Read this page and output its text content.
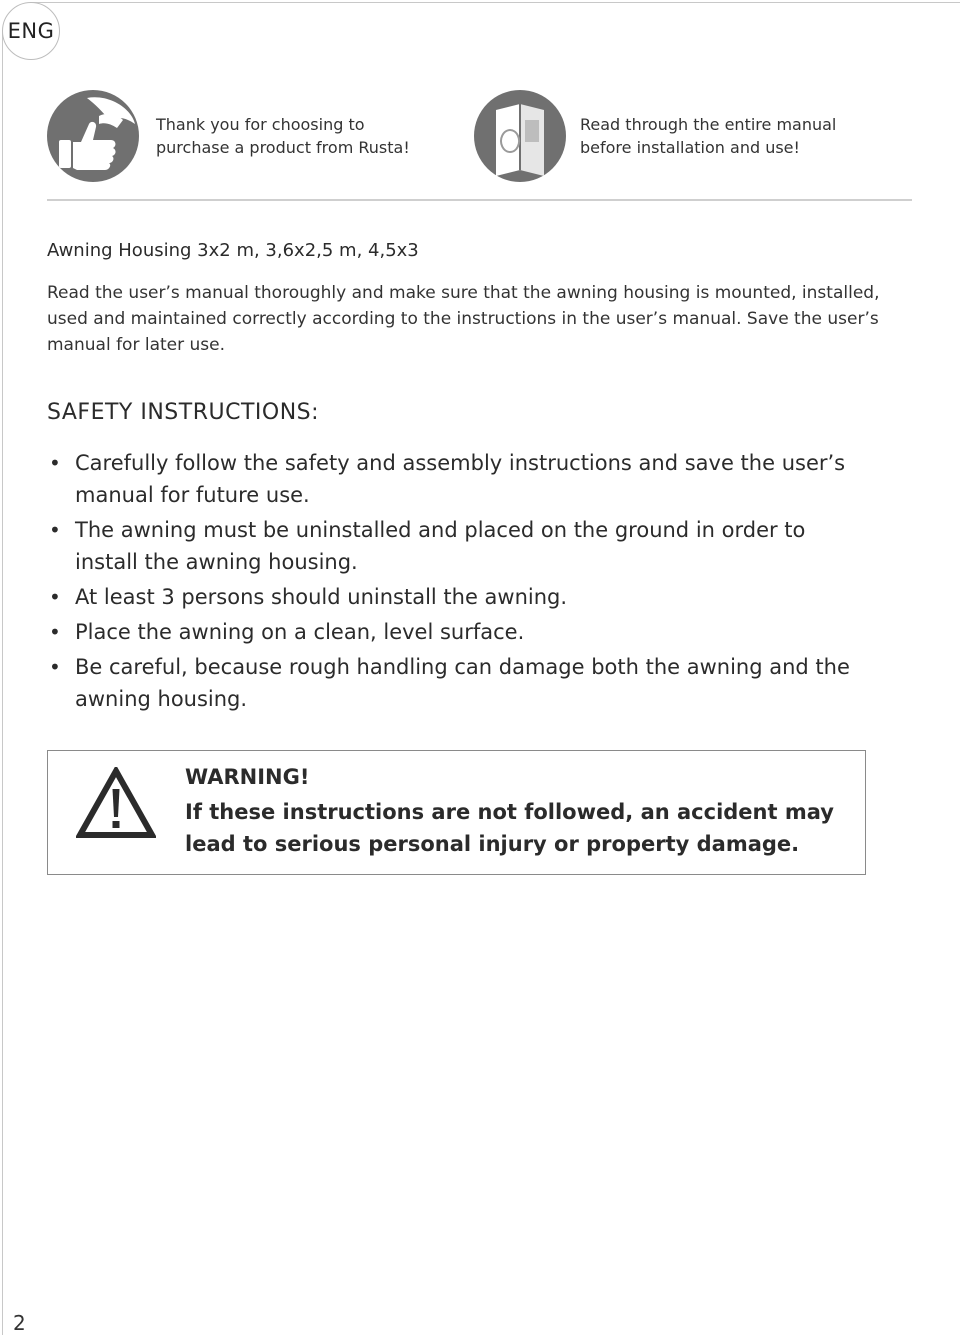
ENG
Thank you for choosing to
purchase a product from Rusta!
Read through the entire manual
before installation and use!
Awning Housing 3x2 m, 3,6x2,5 m, 4,5x3
Read the user’s manual thoroughly and make sure that the awning housing is mounted, installed, used and maintained correctly according to the instructions in the user’s manual. Save the user’s manual for later use.
SAFETY INSTRUCTIONS:
• Carefully follow the safety and assembly instructions and save the user’s manual for future use.
• The awning must be uninstalled and placed on the ground in order to install the awning housing.
• At least 3 persons should uninstall the awning.
• Place the awning on a clean, level surface.
• Be careful, because rough handling can damage both the awning and the awning housing.
WARNING!
If these instructions are not followed, an accident may lead to serious personal injury or property damage.
2
